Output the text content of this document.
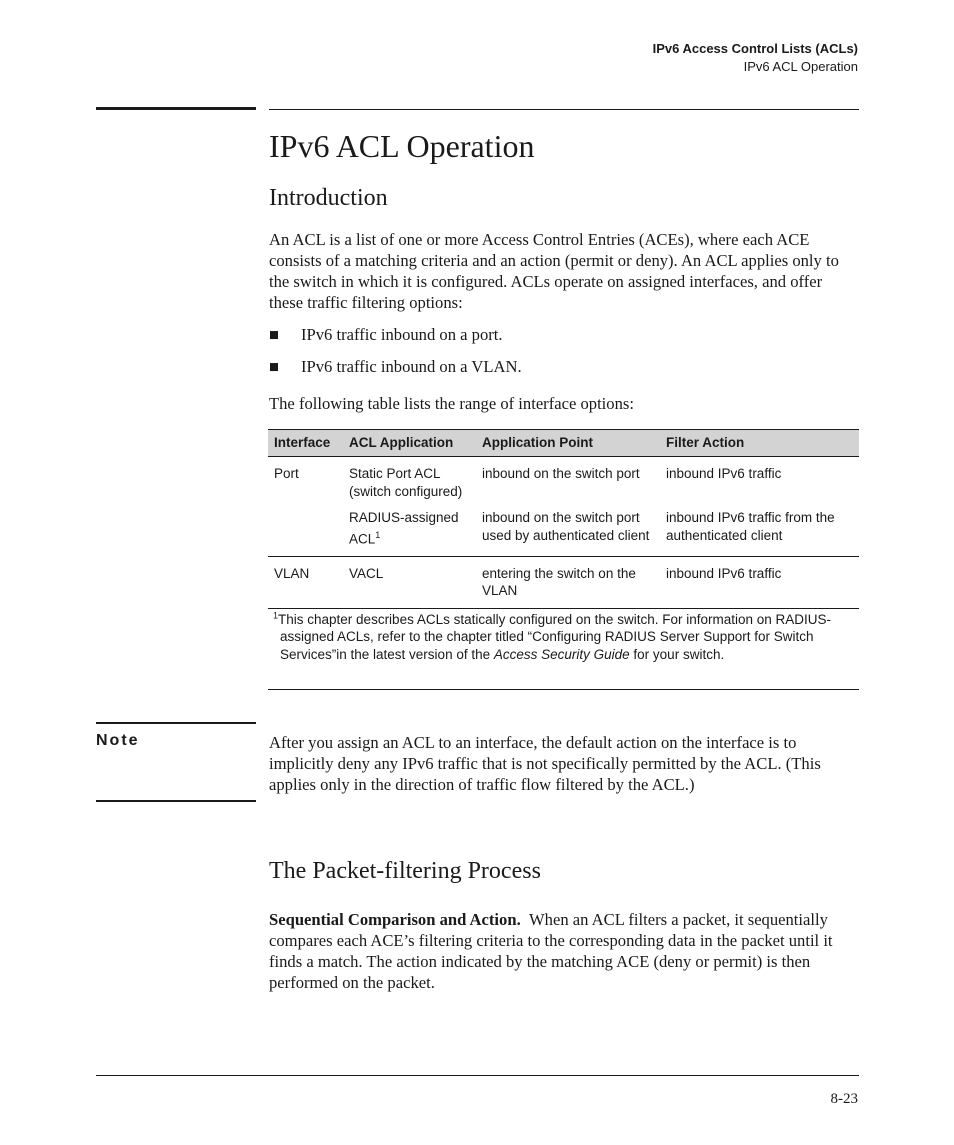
IPv6 Access Control Lists (ACLs)
IPv6 ACL Operation
IPv6 ACL Operation
Introduction
An ACL is a list of one or more Access Control Entries (ACEs), where each ACE consists of a matching criteria and an action (permit or deny). An ACL applies only to the switch in which it is configured. ACLs operate on assigned interfaces, and offer these traffic filtering options:
■ IPv6 traffic inbound on a port.
■ IPv6 traffic inbound on a VLAN.
The following table lists the range of interface options:
Interface	ACL Application	Application Point	Filter Action
Port	Static Port ACL (switch configured)	inbound on the switch port	inbound IPv6 traffic
	RADIUS-assigned ACL$^1$	inbound on the switch port used by authenticated client	inbound IPv6 traffic from the authenticated client
VLAN	VACL	entering the switch on the VLAN	inbound IPv6 traffic
$^1$This chapter describes ACLs statically configured on the switch. For information on RADIUS-
assigned ACLs, refer to the chapter titled “Configuring RADIUS Server Support for Switch
Services”in the latest version of the Access Security Guide for your switch.
Note	After you assign an ACL to an interface, the default action on the interface is to implicitly deny any IPv6 traffic that is not specifically permitted by the ACL. (This applies only in the direction of traffic flow filtered by the ACL.)
The Packet-filtering Process
Sequential Comparison and Action. When an ACL filters a packet, it sequentially compares each ACE’s filtering criteria to the corresponding data in the packet until it finds a match. The action indicated by the matching ACE (deny or permit) is then performed on the packet.
8-23
